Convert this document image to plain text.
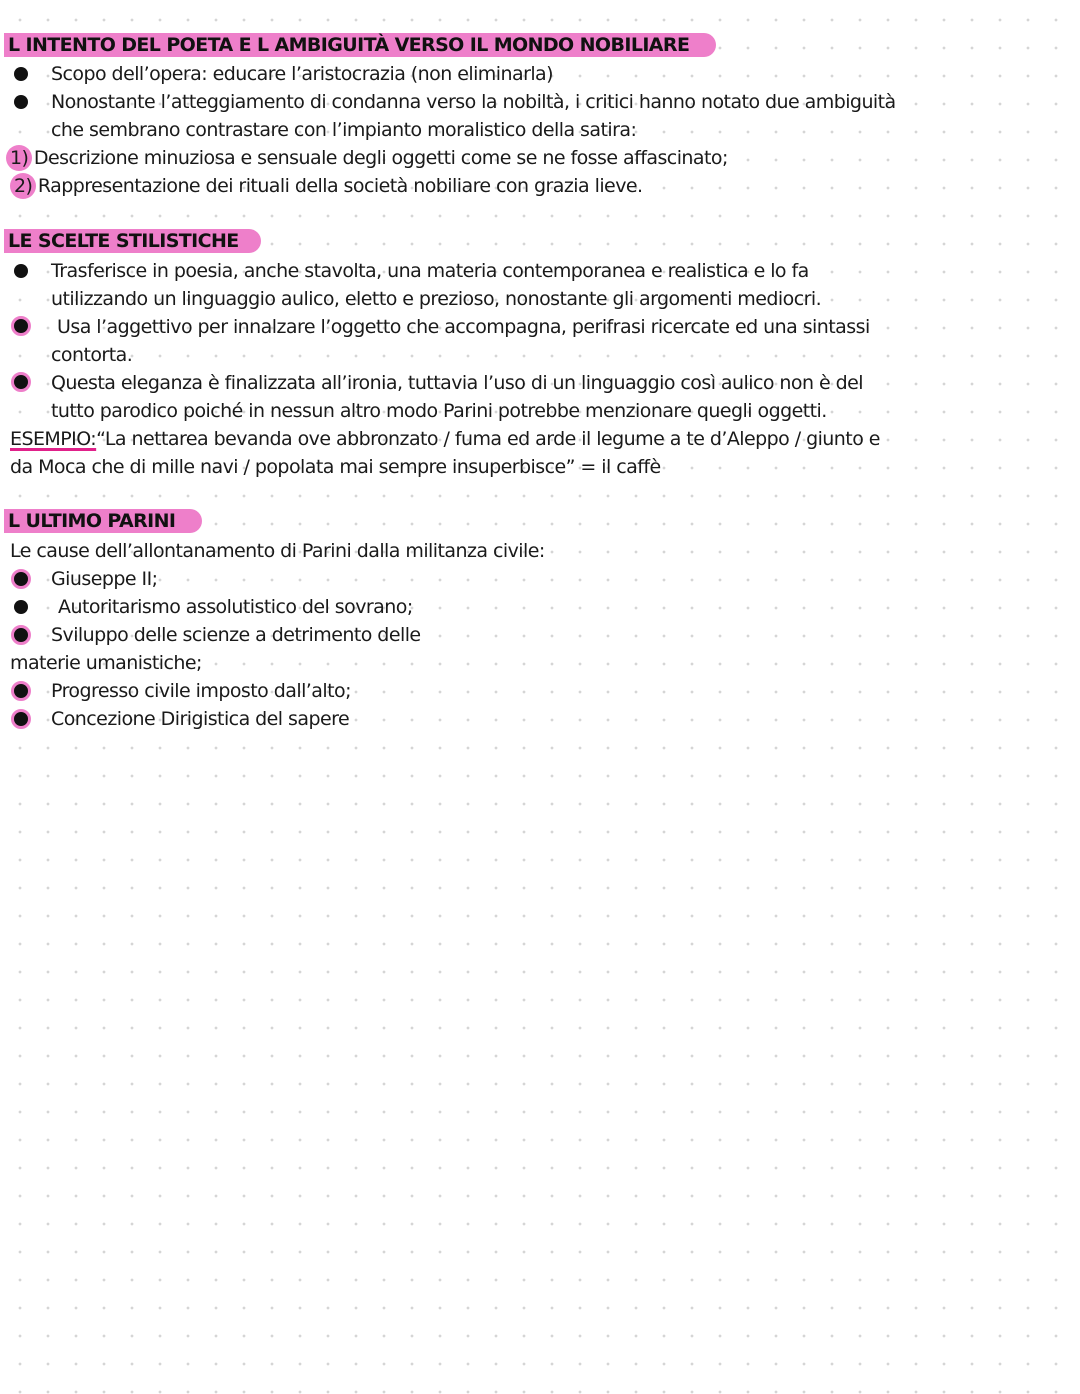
L INTENTO DEL POETA E L AMBIGUITÀ VERSO IL MONDO NOBILIARE
Scopo dell’opera: educare l’aristocrazia (non eliminarla)
Nonostante l’atteggiamento di condanna verso la nobiltà, i critici hanno notato due ambiguità
che sembrano contrastare con l’impianto moralistico della satira:
1) Descrizione minuziosa e sensuale degli oggetti come se ne fosse affascinato;
2) Rappresentazione dei rituali della società nobiliare con grazia lieve.
LE SCELTE STILISTICHE
Trasferisce in poesia, anche stavolta, una materia contemporanea e realistica e lo fa
utilizzando un linguaggio aulico, eletto e prezioso, nonostante gli argomenti mediocri.
Usa l’aggettivo per innalzare l’oggetto che accompagna, perifrasi ricercate ed una sintassi
contorta.
Questa eleganza è finalizzata all’ironia, tuttavia l’uso di un linguaggio così aulico non è del
tutto parodico poiché in nessun altro modo Parini potrebbe menzionare quegli oggetti.
ESEMPIO:“La nettarea bevanda ove abbronzato / fuma ed arde il legume a te d’Aleppo / giunto e
da Moca che di mille navi / popolata mai sempre insuperbisce” = il caffè
L ULTIMO PARINI
Le cause dell’allontanamento di Parini dalla militanza civile:
Giuseppe II;
Autoritarismo assolutistico del sovrano;
Sviluppo delle scienze a detrimento delle
materie umanistiche;
Progresso civile imposto dall’alto;
Concezione Dirigistica del sapere
